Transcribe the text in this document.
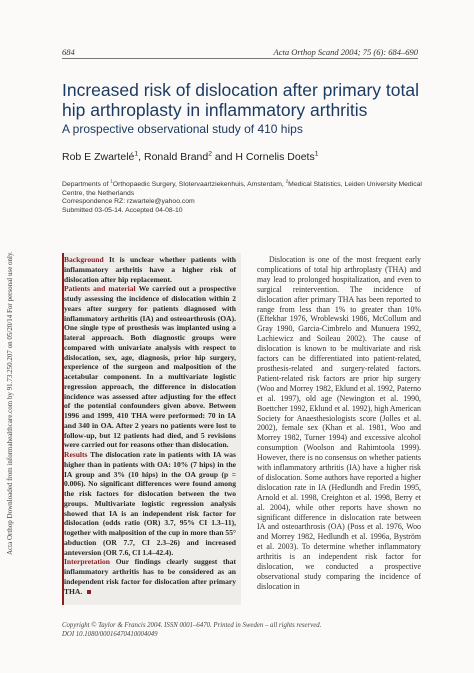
Acta Orthop Downloaded from informahealthcare.com by 91.73.250.207 on 05/20/14 For personal use only.
684	Acta Orthop Scand 2004; 75 (6): 684–690
Increased risk of dislocation after primary total hip arthroplasty in inflammatory arthritis
A prospective observational study of 410 hips
Rob E Zwartelé$^1$, Ronald Brand$^2$ and H Cornelis Doets$^1$
Departments of $^1$Orthopaedic Surgery, Slotervaartziekenhuis, Amsterdam, $^2$Medical Statistics, Leiden University Medical Centre, the Netherlands
Correspondence RZ: rzwartele@yahoo.com
Submitted 03-05-14. Accepted 04-08-10
Background It is unclear whether patients with inflammatory arthritis have a higher risk of dislocation after hip replacement.
Patients and material We carried out a prospective study assessing the incidence of dislocation within 2 years after surgery for patients diagnosed with inflammatory arthritis (IA) and osteoarthrosis (OA). One single type of prosthesis was implanted using a lateral approach. Both diagnostic groups were compared with univariate analysis with respect to dislocation, sex, age, diagnosis, prior hip surgery, experience of the surgeon and malposition of the acetabular component. In a multivariate logistic regression approach, the difference in dislocation incidence was assessed after adjusting for the effect of the potential confounders given above. Between 1996 and 1999, 410 THA were performed: 70 in IA and 340 in OA. After 2 years no patients were lost to follow-up, but 12 patients had died, and 5 revisions were carried out for reasons other than dislocation.
Results The dislocation rate in patients with IA was higher than in patients with OA: 10% (7 hips) in the IA group and 3% (10 hips) in the OA group (p = 0.006). No significant differences were found among the risk factors for dislocation between the two groups. Multivariate logistic regression analysis showed that IA is an independent risk factor for dislocation (odds ratio (OR) 3.7, 95% CI 1.3–11), together with malposition of the cup in more than 55° abduction (OR 7.7, CI 2.3–26) and increased anteversion (OR 7.6, CI 1.4–42.4).
Interpretation Our findings clearly suggest that inflammatory arthritis has to be considered as an independent risk factor for dislocation after primary THA.
Dislocation is one of the most frequent early complications of total hip arthroplasty (THA) and may lead to prolonged hospitalization, and even to surgical reintervention. The incidence of dislocation after primary THA has been reported to range from less than 1% to greater than 10% (Eftekhar 1976, Wroblewski 1986, McCollum and Gray 1990, Garcia-Cimbrelo and Munuera 1992, Lachiewicz and Soileau 2002). The cause of dislocation is known to be multivariate and risk factors can be differentiated into patient-related, prosthesis-related and surgery-related factors. Patient-related risk factors are prior hip surgery (Woo and Morrey 1982, Eklund et al. 1992, Paterno et al. 1997), old age (Newington et al. 1990, Boettcher 1992, Eklund et al. 1992), high American Society for Anaesthesiologists score (Jolles et al. 2002), female sex (Khan et al. 1981, Woo and Morrey 1982, Turner 1994) and excessive alcohol consumption (Woolson and Rahimtoola 1999). However, there is no consensus on whether patients with inflammatory arthritis (IA) have a higher risk of dislocation. Some authors have reported a higher dislocation rate in IA (Hedlundh and Fredin 1995, Arnold et al. 1998, Creighton et al. 1998, Berry et al. 2004), while other reports have shown no significant difference in dislocation rate between IA and osteoarthrosis (OA) (Poss et al. 1976, Woo and Morrey 1982, Hedlundh et al. 1996a, Byström et al. 2003). To determine whether inflammatory arthritis is an independent risk factor for dislocation, we conducted a prospective observational study comparing the incidence of dislocation in
Copyright © Taylor & Francis 2004. ISSN 0001–6470. Printed in Sweden – all rights reserved.
DOI 10.1080/00016470410004049
